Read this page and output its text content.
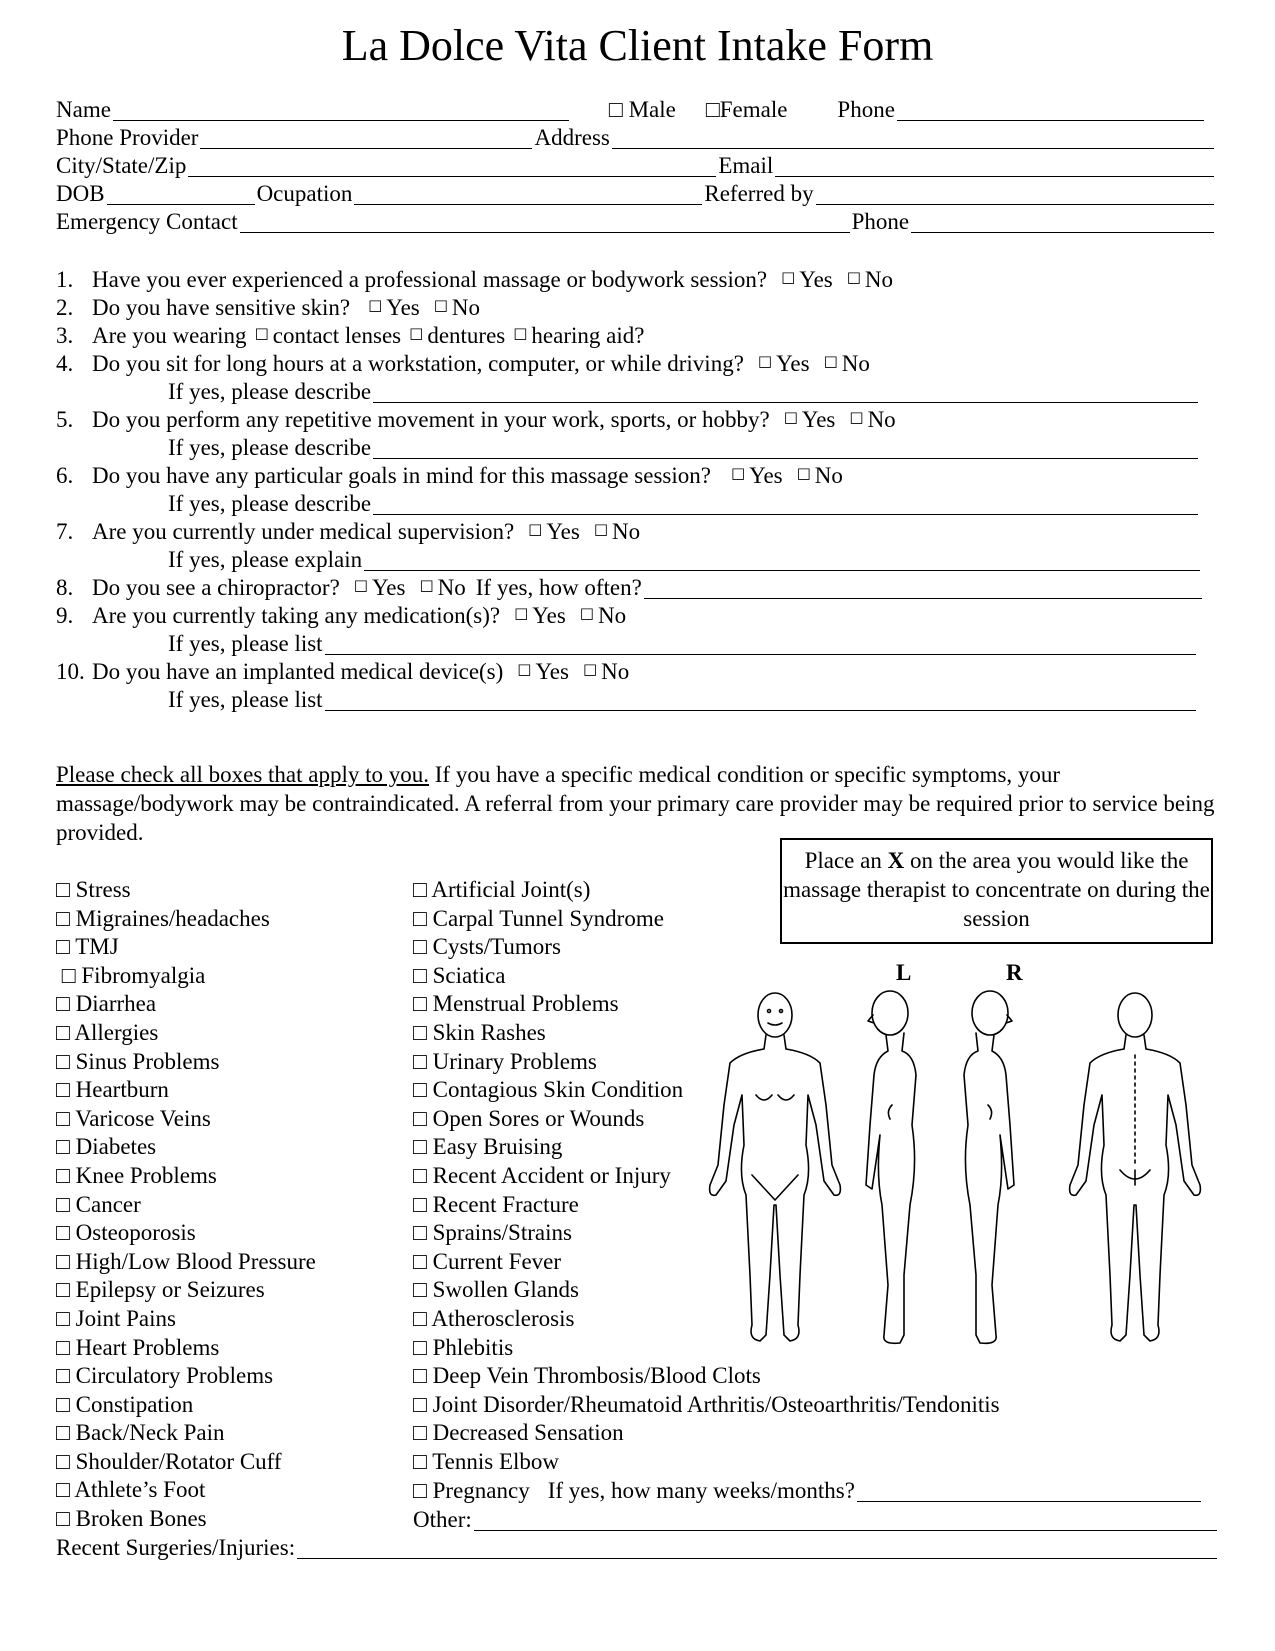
La Dolce Vita Client Intake Form
Name	□ Male □Female Phone
Phone Provider	Address
City/State/Zip	Email
DOB	Ocupation	Referred by
Emergency Contact	Phone
1. Have you ever experienced a professional massage or bodywork session? □ Yes □ No
2. Do you have sensitive skin? □ Yes □ No
3. Are you wearing □ contact lenses □ dentures □ hearing aid?
4. Do you sit for long hours at a workstation, computer, or while driving? □ Yes □ No
If yes, please describe
5. Do you perform any repetitive movement in your work, sports, or hobby? □ Yes □ No
If yes, please describe
6. Do you have any particular goals in mind for this massage session? □ Yes □ No
If yes, please describe
7. Are you currently under medical supervision? □ Yes □ No
If yes, please explain
8. Do you see a chiropractor? □ Yes □ No If yes, how often?
9. Are you currently taking any medication(s)? □ Yes □ No
If yes, please list
10. Do you have an implanted medical device(s) □ Yes □ No
If yes, please list
Please check all boxes that apply to you. If you have a specific medical condition or specific symptoms, your massage/bodywork may be contraindicated. A referral from your primary care provider may be required prior to service being provided.
Place an X on the area you would like the massage therapist to concentrate on during the session
□ Stress
□ Migraines/headaches
□ TMJ
□ Fibromyalgia
□ Diarrhea
□ Allergies
□ Sinus Problems
□ Heartburn
□ Varicose Veins
□ Diabetes
□ Knee Problems
□ Cancer
□ Osteoporosis
□ High/Low Blood Pressure
□ Epilepsy or Seizures
□ Joint Pains
□ Heart Problems
□ Circulatory Problems
□ Constipation
□ Back/Neck Pain
□ Shoulder/Rotator Cuff
□ Athlete’s Foot
□ Broken Bones
□ Artificial Joint(s)
□ Carpal Tunnel Syndrome
□ Cysts/Tumors
□ Sciatica
□ Menstrual Problems
□ Skin Rashes
□ Urinary Problems
□ Contagious Skin Condition
□ Open Sores or Wounds
□ Easy Bruising
□ Recent Accident or Injury
□ Recent Fracture
□ Sprains/Strains
□ Current Fever
□ Swollen Glands
□ Atherosclerosis
□ Phlebitis
□ Deep Vein Thrombosis/Blood Clots
□ Joint Disorder/Rheumatoid Arthritis/Osteoarthritis/Tendonitis
□ Decreased Sensation
□ Tennis Elbow
□ Pregnancy If yes, how many weeks/months?
Other:
Recent Surgeries/Injuries:
L	R
